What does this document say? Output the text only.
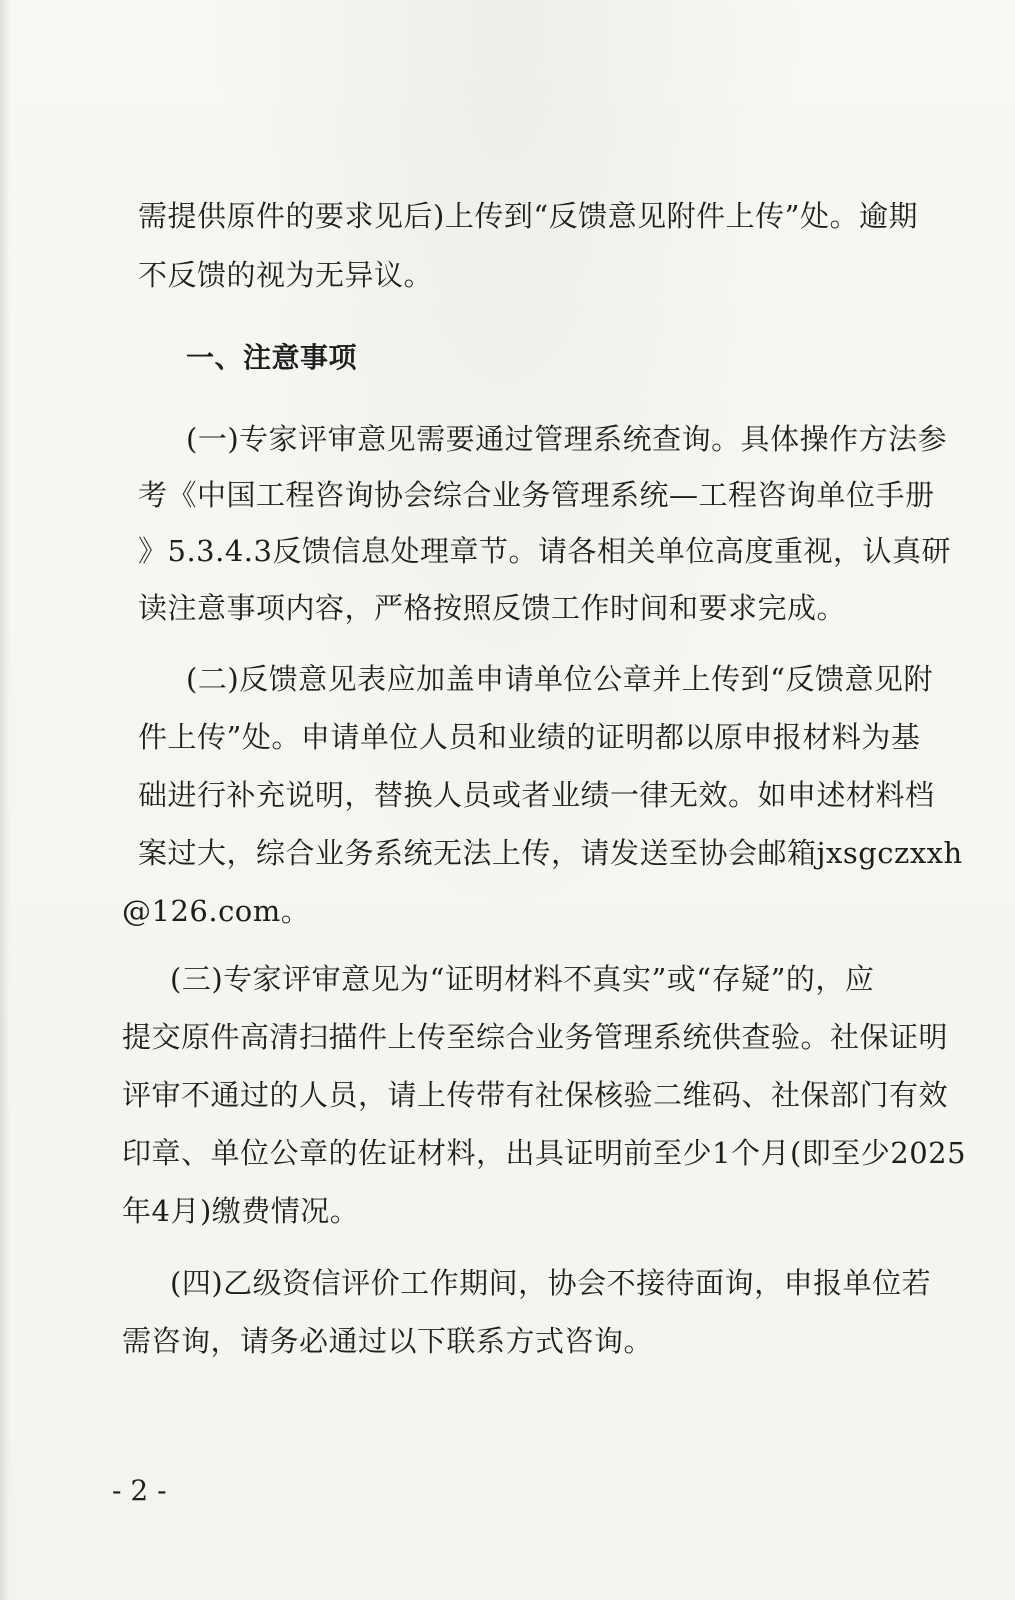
需提供原件的要求见后)上传到“反馈意见附件上传”处。逾期
不反馈的视为无异议。
一、注意事项
(一)专家评审意见需要通过管理系统查询。具体操作方法参
考《中国工程咨询协会综合业务管理系统—工程咨询单位手册
》5.3.4.3反馈信息处理章节。请各相关单位高度重视，认真研
读注意事项内容，严格按照反馈工作时间和要求完成。
(二)反馈意见表应加盖申请单位公章并上传到“反馈意见附
件上传”处。申请单位人员和业绩的证明都以原申报材料为基
础进行补充说明，替换人员或者业绩一律无效。如申述材料档
案过大，综合业务系统无法上传，请发送至协会邮箱jxsgczxxh
@126.com。
(三)专家评审意见为“证明材料不真实”或“存疑”的，应
提交原件高清扫描件上传至综合业务管理系统供查验。社保证明
评审不通过的人员，请上传带有社保核验二维码、社保部门有效
印章、单位公章的佐证材料，出具证明前至少1个月(即至少2025
年4月)缴费情况。
(四)乙级资信评价工作期间，协会不接待面询，申报单位若
需咨询，请务必通过以下联系方式咨询。
- 2 -
